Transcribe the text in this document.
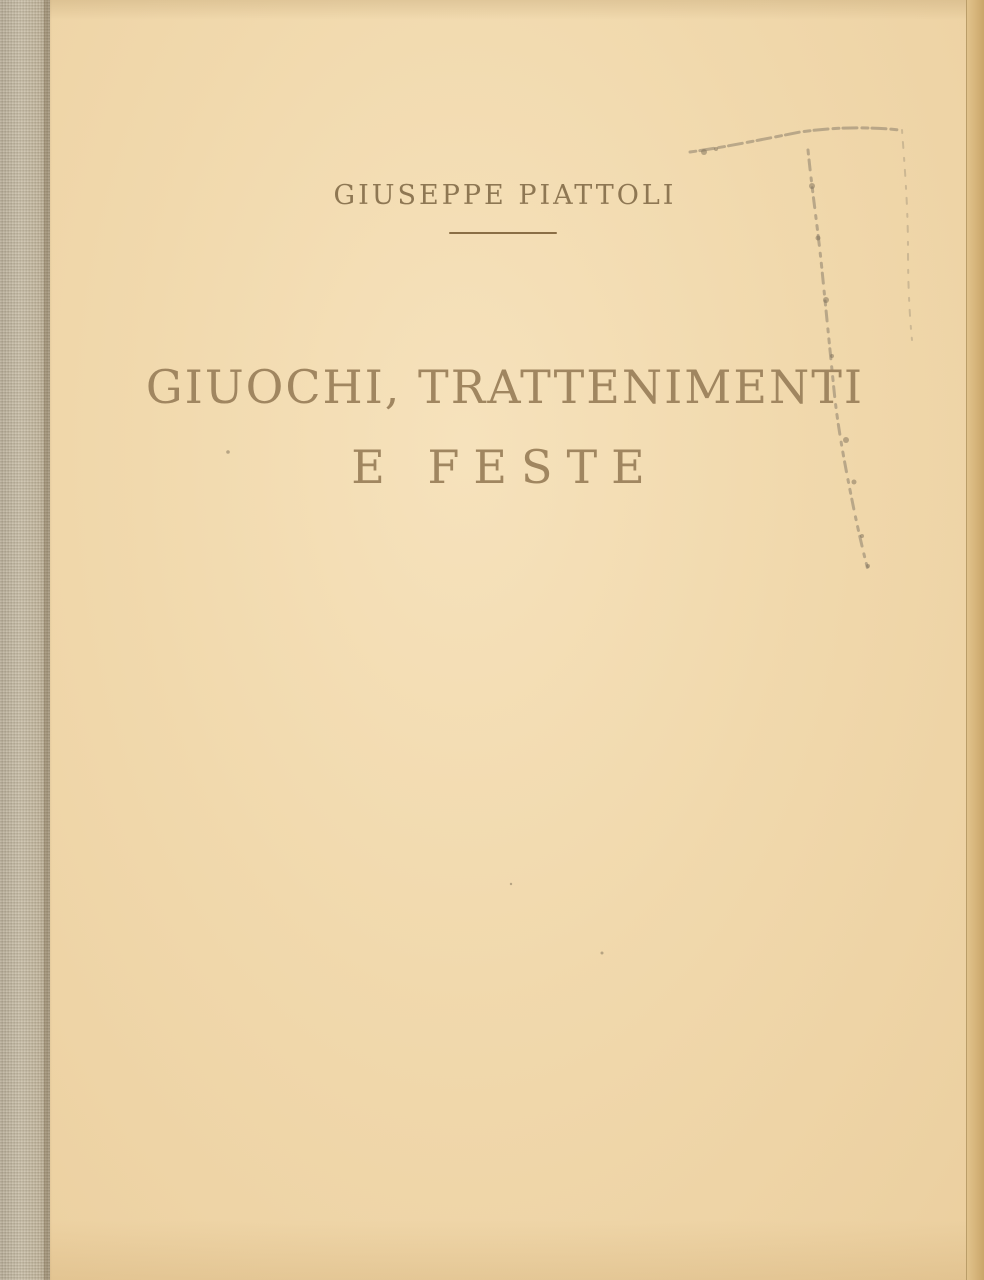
GIUSEPPE PIATTOLI
GIUOCHI, TRATTENIMENTI
E FESTE
